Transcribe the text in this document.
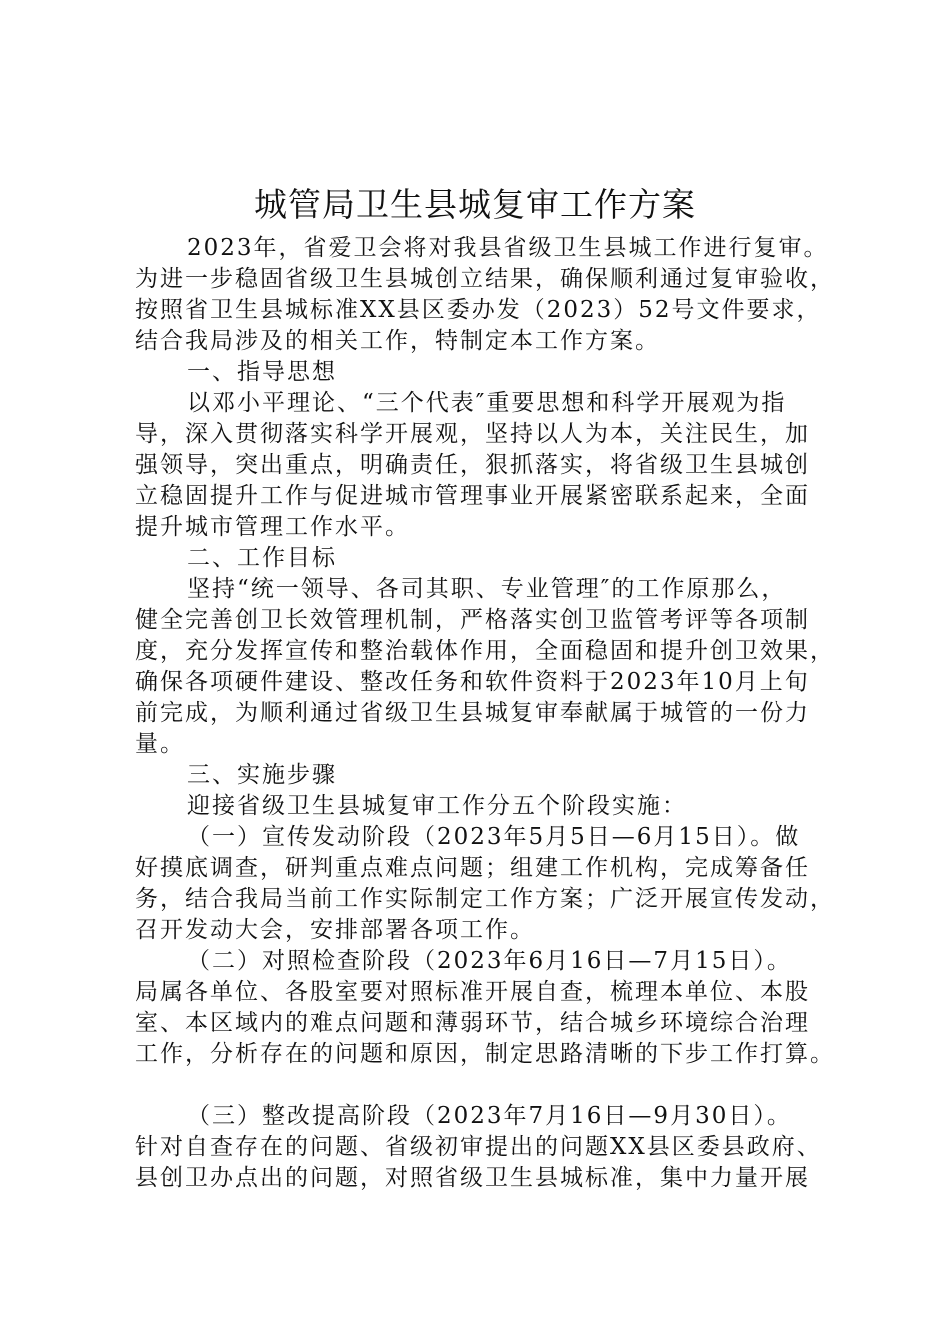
城管局卫生县城复审工作方案
2023年，省爱卫会将对我县省级卫生县城工作进行复审。
为进一步稳固省级卫生县城创立结果，确保顺利通过复审验收，
按照省卫生县城标准XX县区委办发（2023）52号文件要求，
结合我局涉及的相关工作，特制定本工作方案。
一、指导思想
以邓小平理论、“三个代表″重要思想和科学开展观为指
导，深入贯彻落实科学开展观，坚持以人为本，关注民生，加
强领导，突出重点，明确责任，狠抓落实，将省级卫生县城创
立稳固提升工作与促进城市管理事业开展紧密联系起来，全面
提升城市管理工作水平。
二、工作目标
坚持“统一领导、各司其职、专业管理″的工作原那么，
健全完善创卫长效管理机制，严格落实创卫监管考评等各项制
度，充分发挥宣传和整治载体作用，全面稳固和提升创卫效果，
确保各项硬件建设、整改任务和软件资料于2023年10月上旬
前完成，为顺利通过省级卫生县城复审奉献属于城管的一份力
量。
三、实施步骤
迎接省级卫生县城复审工作分五个阶段实施：
（一）宣传发动阶段（2023年5月5日—6月15日）。做
好摸底调查，研判重点难点问题；组建工作机构，完成筹备任
务，结合我局当前工作实际制定工作方案；广泛开展宣传发动，
召开发动大会，安排部署各项工作。
（二）对照检查阶段（2023年6月16日—7月15日）。
局属各单位、各股室要对照标准开展自查，梳理本单位、本股
室、本区域内的难点问题和薄弱环节，结合城乡环境综合治理
工作，分析存在的问题和原因，制定思路清晰的下步工作打算。
（三）整改提高阶段（2023年7月16日—9月30日）。
针对自查存在的问题、省级初审提出的问题XX县区委县政府、
县创卫办点出的问题，对照省级卫生县城标准，集中力量开展
